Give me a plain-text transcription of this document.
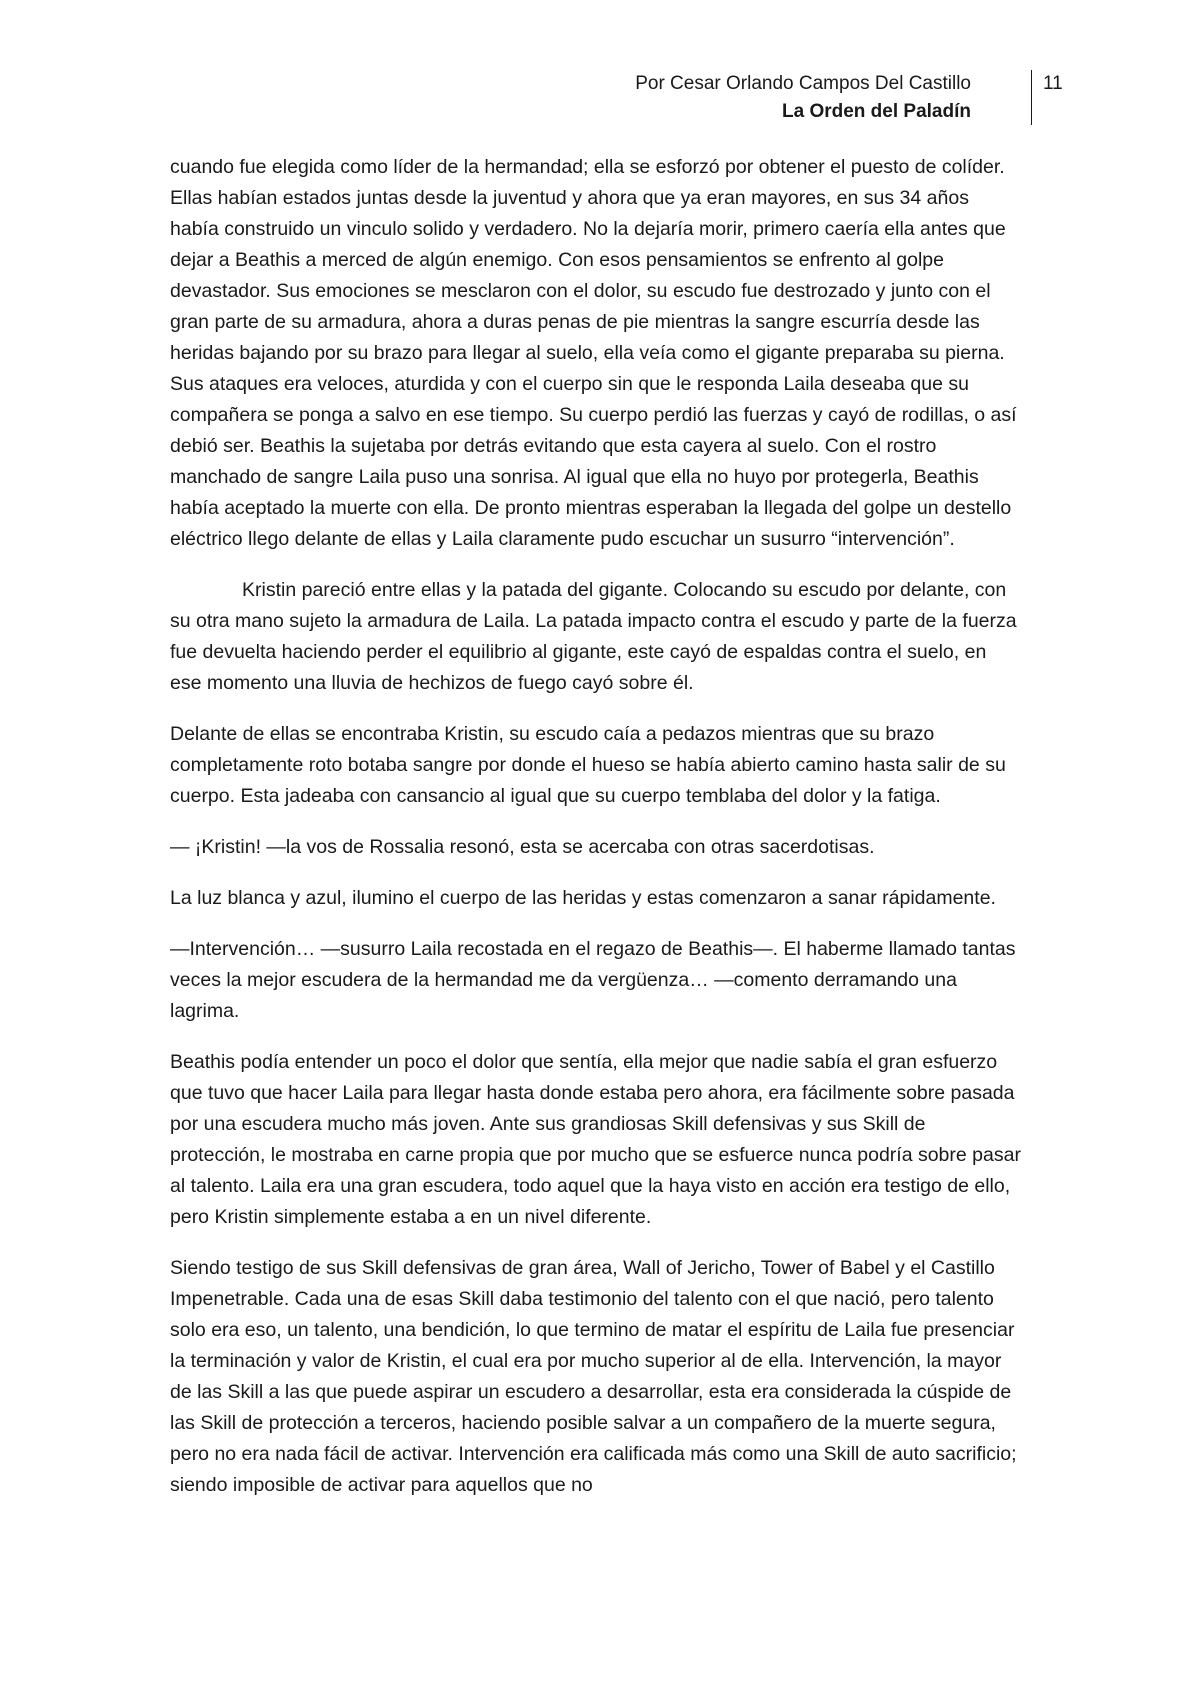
Por Cesar Orlando Campos Del Castillo
La Orden del Paladín
11

cuando fue elegida como líder de la hermandad; ella se esforzó por obtener el puesto de colíder. Ellas habían estados juntas desde la juventud y ahora que ya eran mayores, en sus 34 años había construido un vinculo solido y verdadero. No la dejaría morir, primero caería ella antes que dejar a Beathis a merced de algún enemigo. Con esos pensamientos se enfrento al golpe devastador. Sus emociones se mesclaron con el dolor, su escudo fue destrozado y junto con el gran parte de su armadura, ahora a duras penas de pie mientras la sangre escurría desde las heridas bajando por su brazo para llegar al suelo, ella veía como el gigante preparaba su pierna. Sus ataques era veloces, aturdida y con el cuerpo sin que le responda Laila deseaba que su compañera se ponga a salvo en ese tiempo. Su cuerpo perdió las fuerzas y cayó de rodillas, o así debió ser. Beathis la sujetaba por detrás evitando que esta cayera al suelo. Con el rostro manchado de sangre Laila puso una sonrisa. Al igual que ella no huyo por protegerla, Beathis había aceptado la muerte con ella. De pronto mientras esperaban la llegada del golpe un destello eléctrico llego delante de ellas y Laila claramente pudo escuchar un susurro “intervención”.

Kristin pareció entre ellas y la patada del gigante. Colocando su escudo por delante, con su otra mano sujeto la armadura de Laila. La patada impacto contra el escudo y parte de la fuerza fue devuelta haciendo perder el equilibrio al gigante, este cayó de espaldas contra el suelo, en ese momento una lluvia de hechizos de fuego cayó sobre él.

Delante de ellas se encontraba Kristin, su escudo caía a pedazos mientras que su brazo completamente roto botaba sangre por donde el hueso se había abierto camino hasta salir de su cuerpo. Esta jadeaba con cansancio al igual que su cuerpo temblaba del dolor y la fatiga.

— ¡Kristin! —la vos de Rossalia resonó, esta se acercaba con otras sacerdotisas.

La luz blanca y azul, ilumino el cuerpo de las heridas y estas comenzaron a sanar rápidamente.

—Intervención… —susurro Laila recostada en el regazo de Beathis—. El haberme llamado tantas veces la mejor escudera de la hermandad me da vergüenza… —comento derramando una lagrima.

Beathis podía entender un poco el dolor que sentía, ella mejor que nadie sabía el gran esfuerzo que tuvo que hacer Laila para llegar hasta donde estaba pero ahora, era fácilmente sobre pasada por una escudera mucho más joven. Ante sus grandiosas Skill defensivas y sus Skill de protección, le mostraba en carne propia que por mucho que se esfuerce nunca podría sobre pasar al talento. Laila era una gran escudera, todo aquel que la haya visto en acción era testigo de ello, pero Kristin simplemente estaba a en un nivel diferente.

Siendo testigo de sus Skill defensivas de gran área, Wall of Jericho, Tower of Babel y el Castillo Impenetrable. Cada una de esas Skill daba testimonio del talento con el que nació, pero talento solo era eso, un talento, una bendición, lo que termino de matar el espíritu de Laila fue presenciar la terminación y valor de Kristin, el cual era por mucho superior al de ella. Intervención, la mayor de las Skill a las que puede aspirar un escudero a desarrollar, esta era considerada la cúspide de las Skill de protección a terceros, haciendo posible salvar a un compañero de la muerte segura, pero no era nada fácil de activar. Intervención era calificada más como una Skill de auto sacrificio; siendo imposible de activar para aquellos que no
